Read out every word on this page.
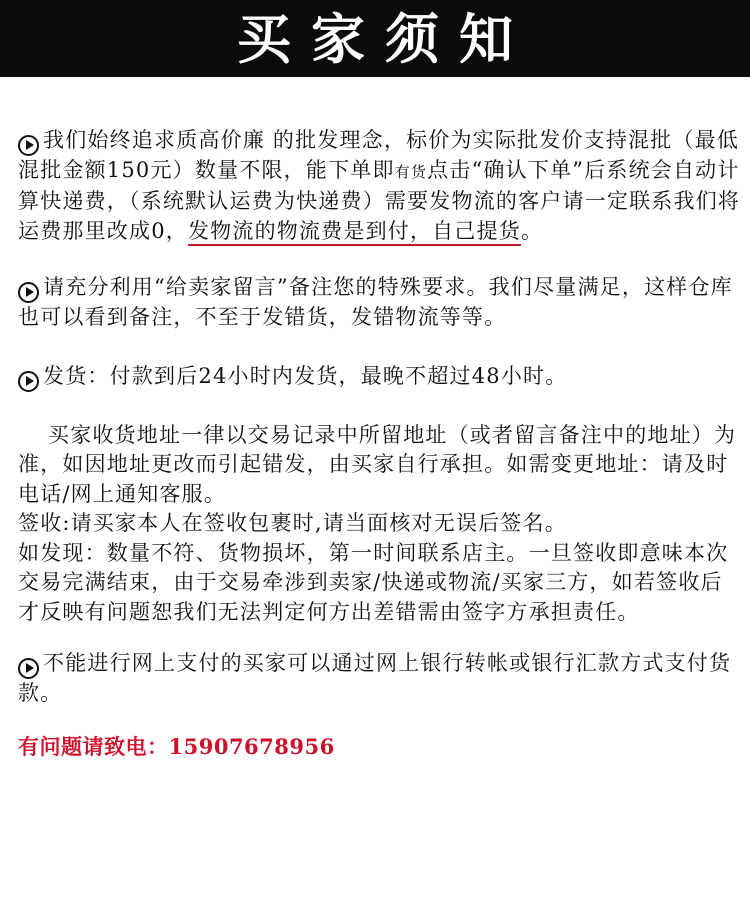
买家须知

我们始终追求质高价廉 的批发理念，标价为实际批发价支持混批（最低混批金额150元）数量不限，能下单即有货点击“确认下单”后系统会自动计算快递费，（系统默认运费为快递费）需要发物流的客户请一定联系我们将运费那里改成0，发物流的物流费是到付，自己提货。

请充分利用“给卖家留言”备注您的特殊要求。我们尽量满足，这样仓库也可以看到备注，不至于发错货，发错物流等等。

发货：付款到后24小时内发货，最晚不超过48小时。

买家收货地址一律以交易记录中所留地址（或者留言备注中的地址）为准，如因地址更改而引起错发，由买家自行承担。如需变更地址：请及时电话/网上通知客服。

签收:请买家本人在签收包裹时,请当面核对无误后签名。

如发现：数量不符、货物损坏，第一时间联系店主。一旦签收即意味本次交易完满结束，由于交易牵涉到卖家/快递或物流/买家三方，如若签收后才反映有问题恕我们无法判定何方出差错需由签字方承担责任。

不能进行网上支付的买家可以通过网上银行转帐或银行汇款方式支付货款。

有问题请致电：15907678956
